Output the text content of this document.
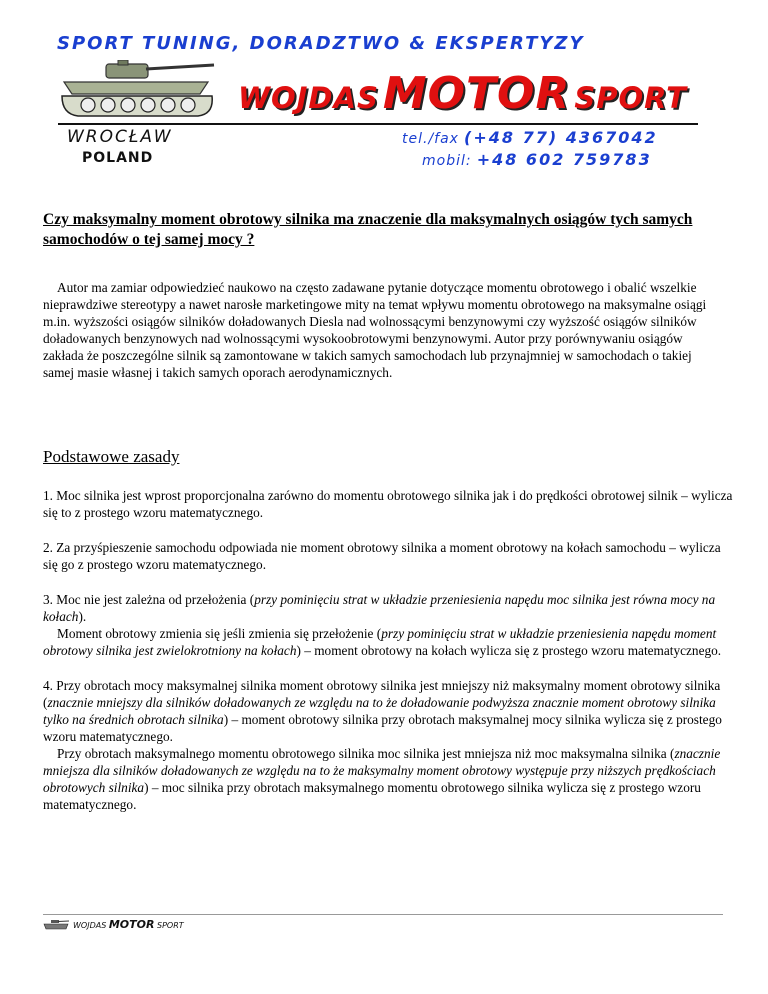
SPORT TUNING, DORADZTWO & EKSPERTYZY
WOJDASMOTOR SPORT
WROCŁAW
POLAND
tel./fax (+48 77) 4367042
mobil: +48 602 759783
Czy maksymalny moment obrotowy silnika ma znaczenie dla maksymalnych osiągów tych samych samochodów o tej samej mocy ?

Autor ma zamiar odpowiedzieć naukowo na często zadawane pytanie dotyczące momentu obrotowego i obalić wszelkie nieprawdziwe stereotypy a nawet narosłe marketingowe mity na temat wpływu momentu obrotowego na maksymalne osiągi m.in. wyższości osiągów silników doładowanych Diesla nad wolnossącymi benzynowymi czy wyższość osiągów silników doładowanych benzynowych nad wolnossącymi wysokoobrotowymi benzynowymi. Autor przy porównywaniu osiągów zakłada że poszczególne silnik są zamontowane w takich samych samochodach lub przynajmniej w samochodach o takiej samej masie własnej i takich samych oporach aerodynamicznych.

Podstawowe zasady

1. Moc silnika jest wprost proporcjonalna zarówno do momentu obrotowego silnika jak i do prędkości obrotowej silnik – wylicza się to z prostego wzoru matematycznego.

2. Za przyśpieszenie samochodu odpowiada nie moment obrotowy silnika a moment obrotowy na kołach samochodu – wylicza się go z prostego wzoru matematycznego.

3. Moc nie jest zależna od przełożenia (przy pominięciu strat w układzie przeniesienia napędu moc silnika jest równa mocy na kołach).

Moment obrotowy zmienia się jeśli zmienia się przełożenie (przy pominięciu strat w układzie przeniesienia napędu moment obrotowy silnika jest zwielokrotniony na kołach) – moment obrotowy na kołach wylicza się z prostego wzoru matematycznego.

4. Przy obrotach mocy maksymalnej silnika moment obrotowy silnika jest mniejszy niż maksymalny moment obrotowy silnika (znacznie mniejszy dla silników doładowanych ze względu na to że doładowanie podwyższa znacznie moment obrotowy silnika tylko na średnich obrotach silnika) – moment obrotowy silnika przy obrotach maksymalnej mocy silnika wylicza się z prostego wzoru matematycznego.

Przy obrotach maksymalnego momentu obrotowego silnika moc silnika jest mniejsza niż moc maksymalna silnika (znacznie mniejsza dla silników doładowanych ze względu na to że maksymalny moment obrotowy występuje przy niższych prędkościach obrotowych silnika) – moc silnika przy obrotach maksymalnego momentu obrotowego silnika wylicza się z prostego wzoru matematycznego.

WOJDAS MOTOR SPORT
